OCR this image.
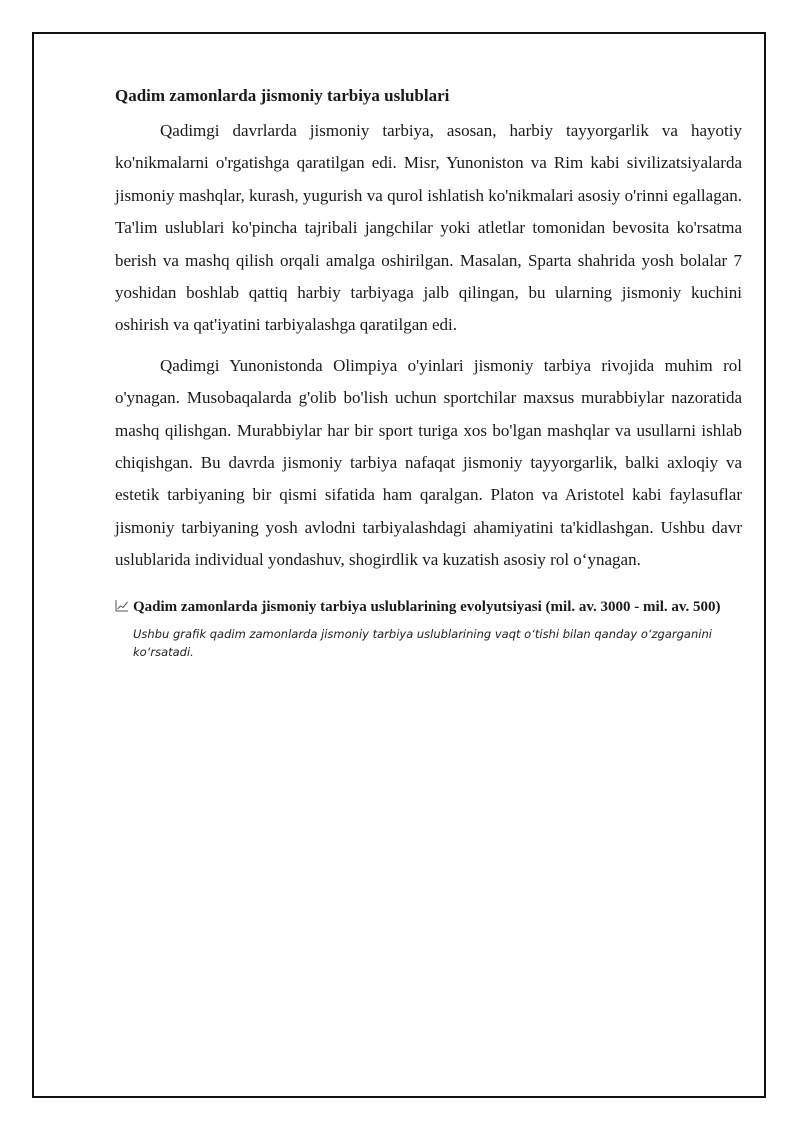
Qadim zamonlarda jismoniy tarbiya uslublari

Qadimgi davrlarda jismoniy tarbiya, asosan, harbiy tayyorgarlik va hayotiy ko'nikmalarni o'rgatishga qaratilgan edi. Misr, Yunoniston va Rim kabi sivilizatsiyalarda jismoniy mashqlar, kurash, yugurish va qurol ishlatish ko'nikmalari asosiy o'rinni egallagan. Ta'lim uslublari ko'pincha tajribali jangchilar yoki atletlar tomonidan bevosita ko'rsatma berish va mashq qilish orqali amalga oshirilgan. Masalan, Sparta shahrida yosh bolalar 7 yoshidan boshlab qattiq harbiy tarbiyaga jalb qilingan, bu ularning jismoniy kuchini oshirish va qat'iyatini tarbiyalashga qaratilgan edi.

Qadimgi Yunonistonda Olimpiya o'yinlari jismoniy tarbiya rivojida muhim rol o'ynagan. Musobaqalarda g'olib bo'lish uchun sportchilar maxsus murabbiylar nazoratida mashq qilishgan. Murabbiylar har bir sport turiga xos bo'lgan mashqlar va usullarni ishlab chiqishgan. Bu davrda jismoniy tarbiya nafaqat jismoniy tayyorgarlik, balki axloqiy va estetik tarbiyaning bir qismi sifatida ham qaralgan. Platon va Aristotel kabi faylasuflar jismoniy tarbiyaning yosh avlodni tarbiyalashdagi ahamiyatini ta'kidlashgan. Ushbu davr uslublarida individual yondashuv, shogirdlik va kuzatish asosiy rol o‘ynagan.

Qadim zamonlarda jismoniy tarbiya uslublarining evolyutsiyasi (mil. av. 3000 - mil. av. 500)
Ushbu grafik qadim zamonlarda jismoniy tarbiya uslublarining vaqt o‘tishi bilan qanday o‘zgarganini ko‘rsatadi.
